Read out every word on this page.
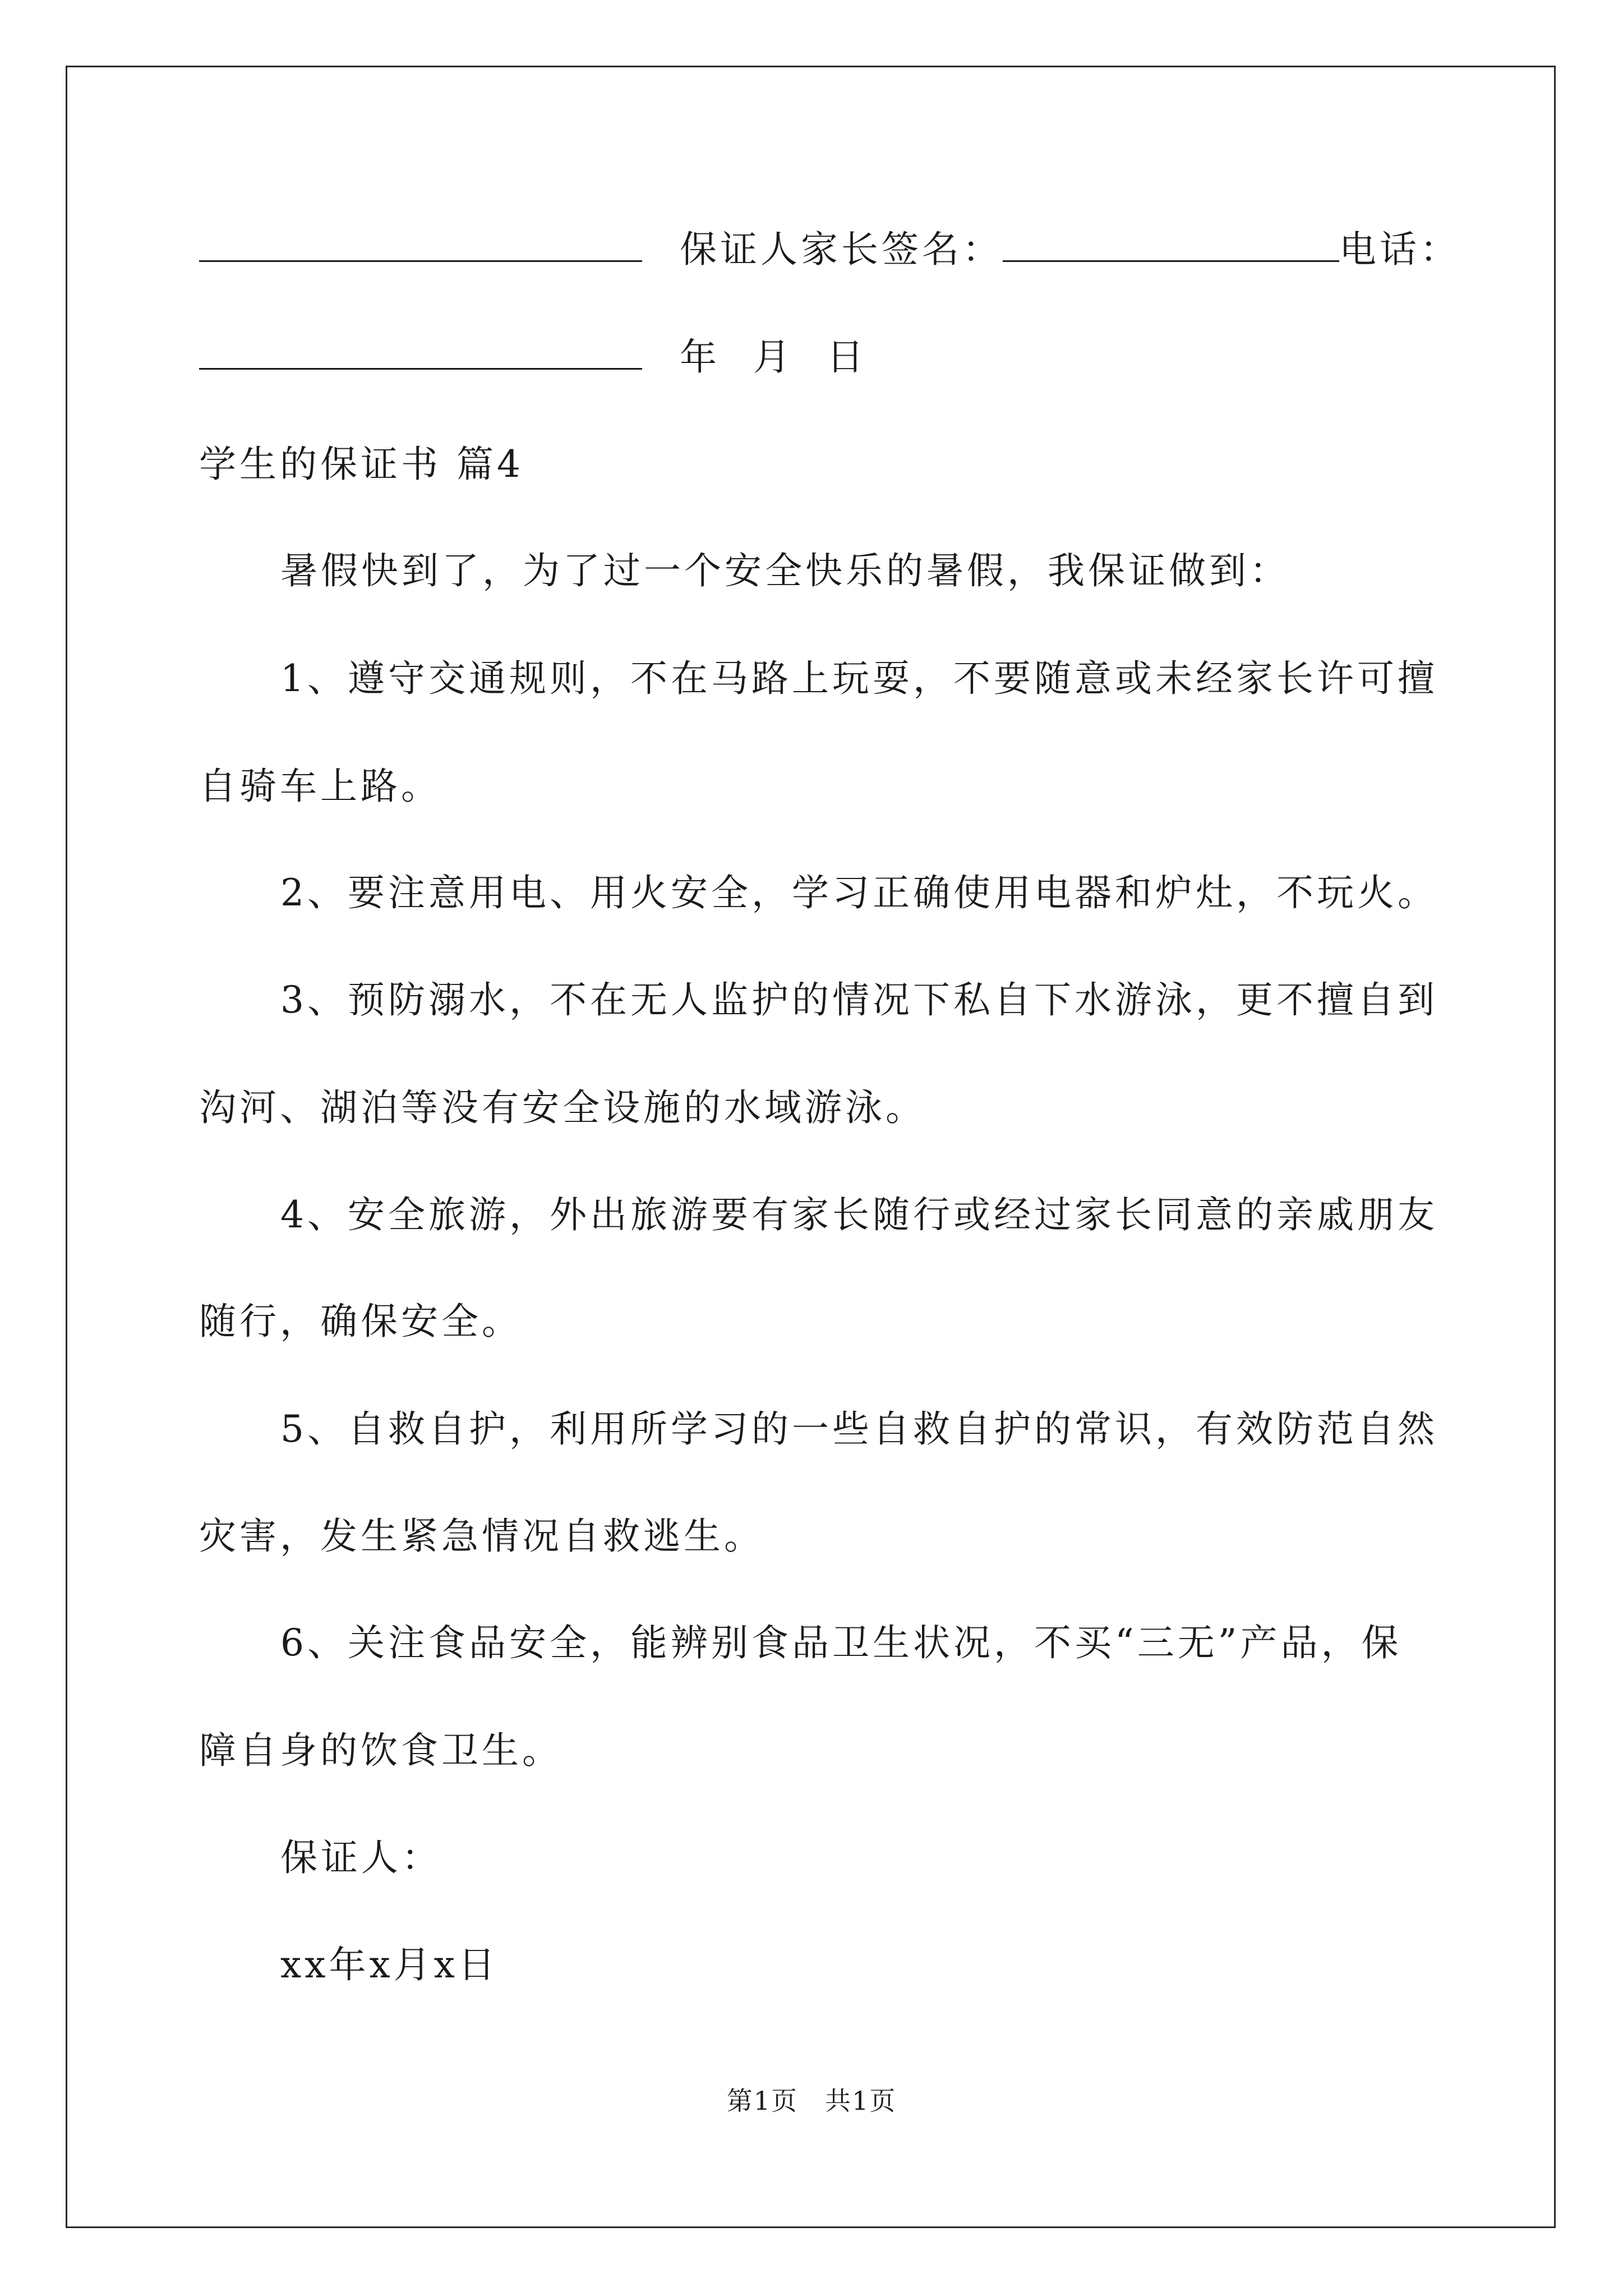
保证人家长签名：	电话：
年 月 日
学生的保证书 篇4
暑假快到了，为了过一个安全快乐的暑假，我保证做到：
1、遵守交通规则，不在马路上玩耍，不要随意或未经家长许可擅
自骑车上路。
2、要注意用电、用火安全，学习正确使用电器和炉灶，不玩火。
3、预防溺水，不在无人监护的情况下私自下水游泳，更不擅自到
沟河、湖泊等没有安全设施的水域游泳。
4、安全旅游，外出旅游要有家长随行或经过家长同意的亲戚朋友
随行，确保安全。
5、自救自护，利用所学习的一些自救自护的常识，有效防范自然
灾害，发生紧急情况自救逃生。
6、关注食品安全，能辨别食品卫生状况，不买“三无”产品，保
障自身的饮食卫生。
保证人：
xx年x月x日
第1页　共1页
